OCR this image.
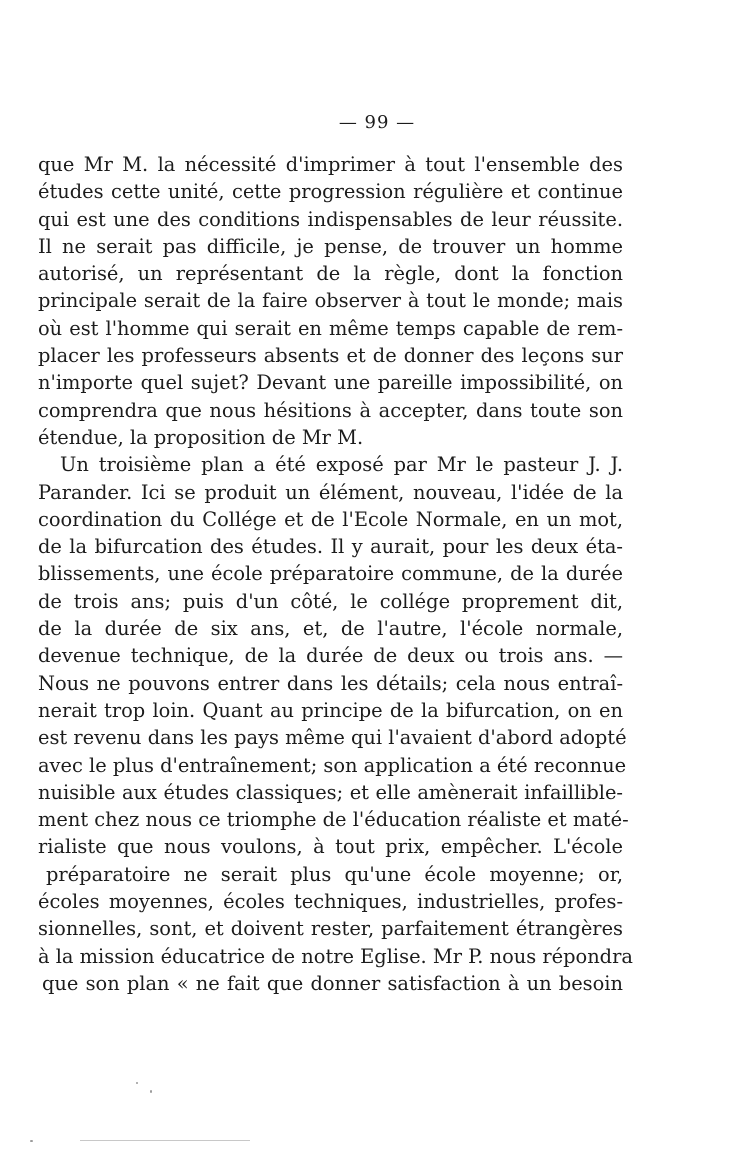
— 99 —
que Mr M. la nécessité d'imprimer à tout l'ensemble des
études cette unité, cette progression régulière et continue
qui est une des conditions indispensables de leur réussite.
Il ne serait pas difficile, je pense, de trouver un homme
autorisé, un représentant de la règle, dont la fonction
principale serait de la faire observer à tout le monde; mais
où est l'homme qui serait en même temps capable de rem-
placer les professeurs absents et de donner des leçons sur
n'importe quel sujet? Devant une pareille impossibilité, on
comprendra que nous hésitions à accepter, dans toute son
étendue, la proposition de Mr M.
Un troisième plan a été exposé par Mr le pasteur J. J.
Parander. Ici se produit un élément, nouveau, l'idée de la
coordination du Collége et de l'Ecole Normale, en un mot,
de la bifurcation des études. Il y aurait, pour les deux éta-
blissements, une école préparatoire commune, de la durée
de trois ans; puis d'un côté, le collége proprement dit,
de la durée de six ans, et, de l'autre, l'école normale,
devenue technique, de la durée de deux ou trois ans. —
Nous ne pouvons entrer dans les détails; cela nous entraî-
nerait trop loin. Quant au principe de la bifurcation, on en
est revenu dans les pays même qui l'avaient d'abord adopté
avec le plus d'entraînement; son application a été reconnue
nuisible aux études classiques; et elle amènerait infaillible-
ment chez nous ce triomphe de l'éducation réaliste et maté-
rialiste que nous voulons, à tout prix, empêcher. L'école
préparatoire ne serait plus qu'une école moyenne; or,
écoles moyennes, écoles techniques, industrielles, profes-
sionnelles, sont, et doivent rester, parfaitement étrangères
à la mission éducatrice de notre Eglise. Mr P. nous répondra
que son plan « ne fait que donner satisfaction à un besoin
